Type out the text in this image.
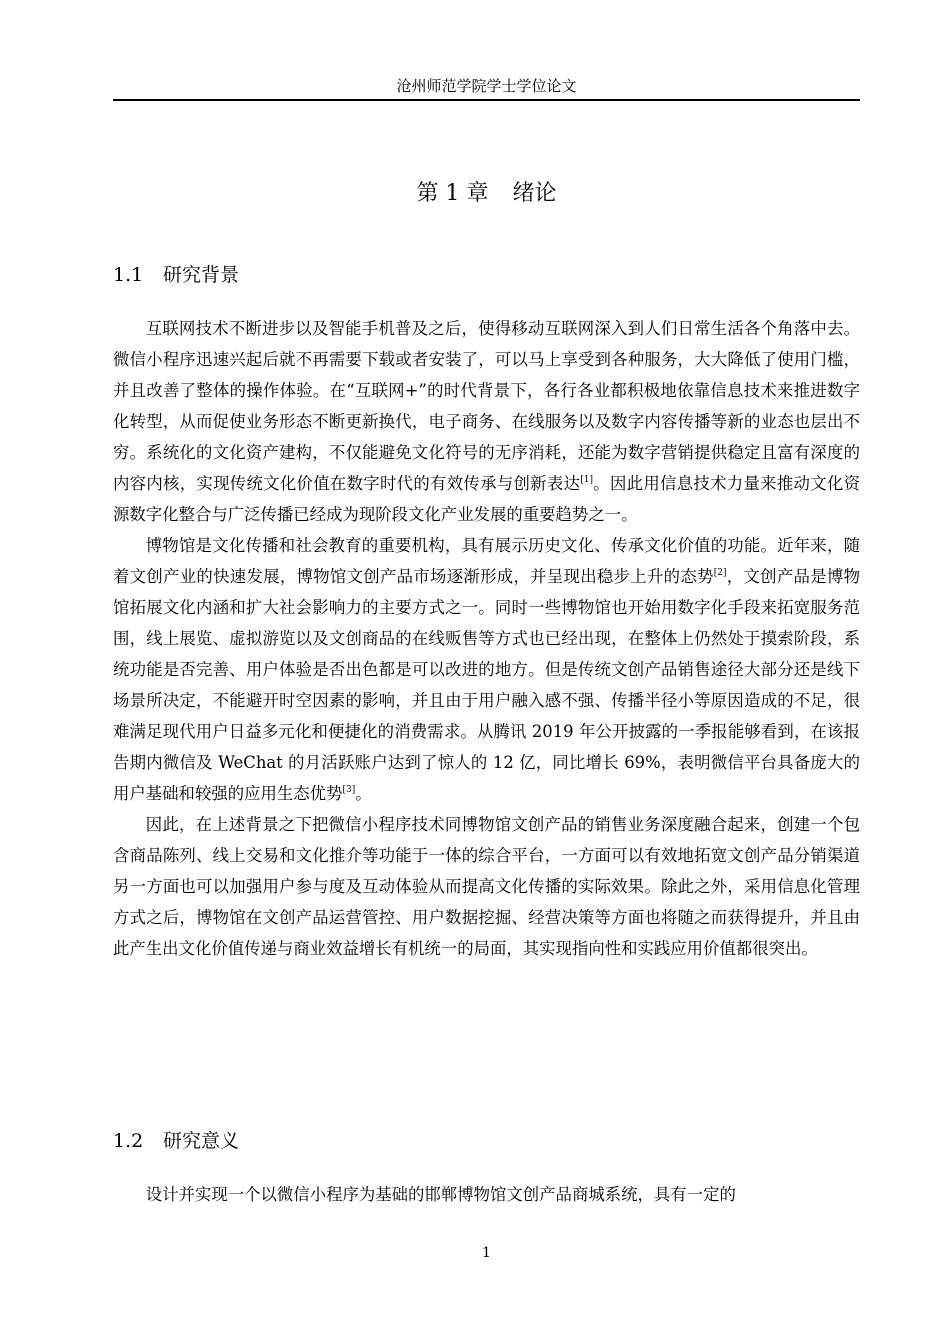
沧州师范学院学士学位论文
第 1 章 绪论
1.1 研究背景

互联网技术不断进步以及智能手机普及之后，使得移动互联网深入到人们日常生活各个角落中去。微信小程序迅速兴起后就不再需要下载或者安装了，可以马上享受到各种服务，大大降低了使用门槛，并且改善了整体的操作体验。在“互联网+”的时代背景下，各行各业都积极地依靠信息技术来推进数字化转型，从而促使业务形态不断更新换代，电子商务、在线服务以及数字内容传播等新的业态也层出不穷。系统化的文化资产建构，不仅能避免文化符号的无序消耗，还能为数字营销提供稳定且富有深度的内容内核，实现传统文化价值在数字时代的有效传承与创新表达[1]。因此用信息技术力量来推动文化资源数字化整合与广泛传播已经成为现阶段文化产业发展的重要趋势之一。

博物馆是文化传播和社会教育的重要机构，具有展示历史文化、传承文化价值的功能。近年来，随着文创产业的快速发展，博物馆文创产品市场逐渐形成，并呈现出稳步上升的态势[2]，文创产品是博物馆拓展文化内涵和扩大社会影响力的主要方式之一。同时一些博物馆也开始用数字化手段来拓宽服务范围，线上展览、虚拟游览以及文创商品的在线贩售等方式也已经出现，在整体上仍然处于摸索阶段，系统功能是否完善、用户体验是否出色都是可以改进的地方。但是传统文创产品销售途径大部分还是线下场景所决定，不能避开时空因素的影响，并且由于用户融入感不强、传播半径小等原因造成的不足，很难满足现代用户日益多元化和便捷化的消费需求。从腾讯 2019 年公开披露的一季报能够看到，在该报告期内微信及 WeChat 的月活跃账户达到了惊人的 12 亿，同比增长 69%，表明微信平台具备庞大的用户基础和较强的应用生态优势[3]。

因此，在上述背景之下把微信小程序技术同博物馆文创产品的销售业务深度融合起来，创建一个包含商品陈列、线上交易和文化推介等功能于一体的综合平台，一方面可以有效地拓宽文创产品分销渠道另一方面也可以加强用户参与度及互动体验从而提高文化传播的实际效果。除此之外，采用信息化管理方式之后，博物馆在文创产品运营管控、用户数据挖掘、经营决策等方面也将随之而获得提升，并且由此产生出文化价值传递与商业效益增长有机统一的局面，其实现指向性和实践应用价值都很突出。

1.2 研究意义

设计并实现一个以微信小程序为基础的邯郸博物馆文创产品商城系统，具有一定的

1
